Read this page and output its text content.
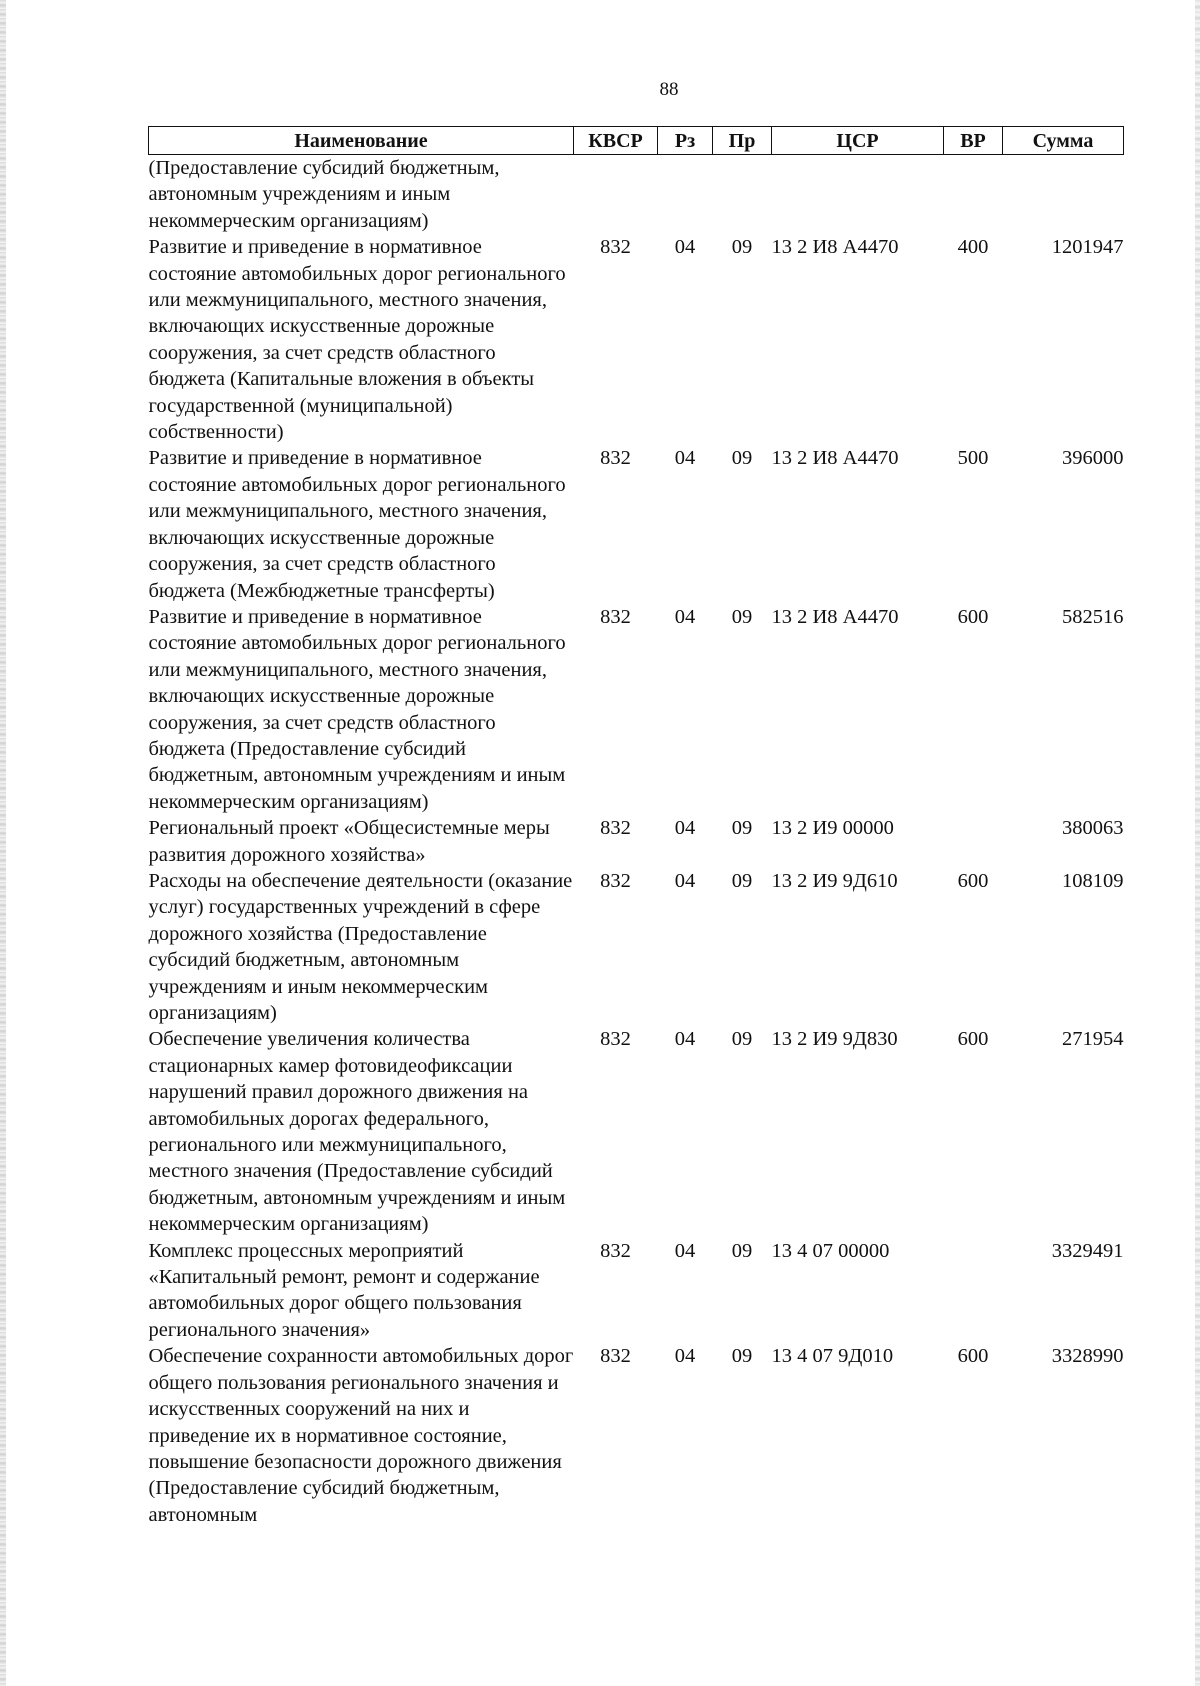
88
Наименование	КВСР	Рз	Пр	ЦСР	ВР	Сумма
(Предоставление субсидий бюджетным, автономным учреждениям и иным некоммерческим организациям)						
Развитие и приведение в нормативное состояние автомобильных дорог регионального или межмуниципального, местного значения, включающих искусственные дорожные сооружения, за счет средств областного бюджета (Капитальные вложения в объекты государственной (муниципальной) собственности)	832	04	09	13 2 И8 А4470	400	1201947
Развитие и приведение в нормативное состояние автомобильных дорог регионального или межмуниципального, местного значения, включающих искусственные дорожные сооружения, за счет средств областного бюджета (Межбюджетные трансферты)	832	04	09	13 2 И8 А4470	500	396000
Развитие и приведение в нормативное состояние автомобильных дорог регионального или межмуниципального, местного значения, включающих искусственные дорожные сооружения, за счет средств областного бюджета (Предоставление субсидий бюджетным, автономным учреждениям и иным некоммерческим организациям)	832	04	09	13 2 И8 А4470	600	582516
Региональный проект «Общесистемные меры развития дорожного хозяйства»	832	04	09	13 2 И9 00000		380063
Расходы на обеспечение деятельности (оказание услуг) государственных учреждений в сфере дорожного хозяйства (Предоставление субсидий бюджетным, автономным учреждениям и иным некоммерческим организациям)	832	04	09	13 2 И9 9Д610	600	108109
Обеспечение увеличения количества стационарных камер фотовидеофиксации нарушений правил дорожного движения на автомобильных дорогах федерального, регионального или межмуниципального, местного значения (Предоставление субсидий бюджетным, автономным учреждениям и иным некоммерческим организациям)	832	04	09	13 2 И9 9Д830	600	271954
Комплекс процессных мероприятий «Капитальный ремонт, ремонт и содержание автомобильных дорог общего пользования регионального значения»	832	04	09	13 4 07 00000		3329491
Обеспечение сохранности автомобильных дорог общего пользования регионального значения и искусственных сооружений на них и приведение их в нормативное состояние, повышение безопасности дорожного движения (Предоставление субсидий бюджетным, автономным	832	04	09	13 4 07 9Д010	600	3328990
